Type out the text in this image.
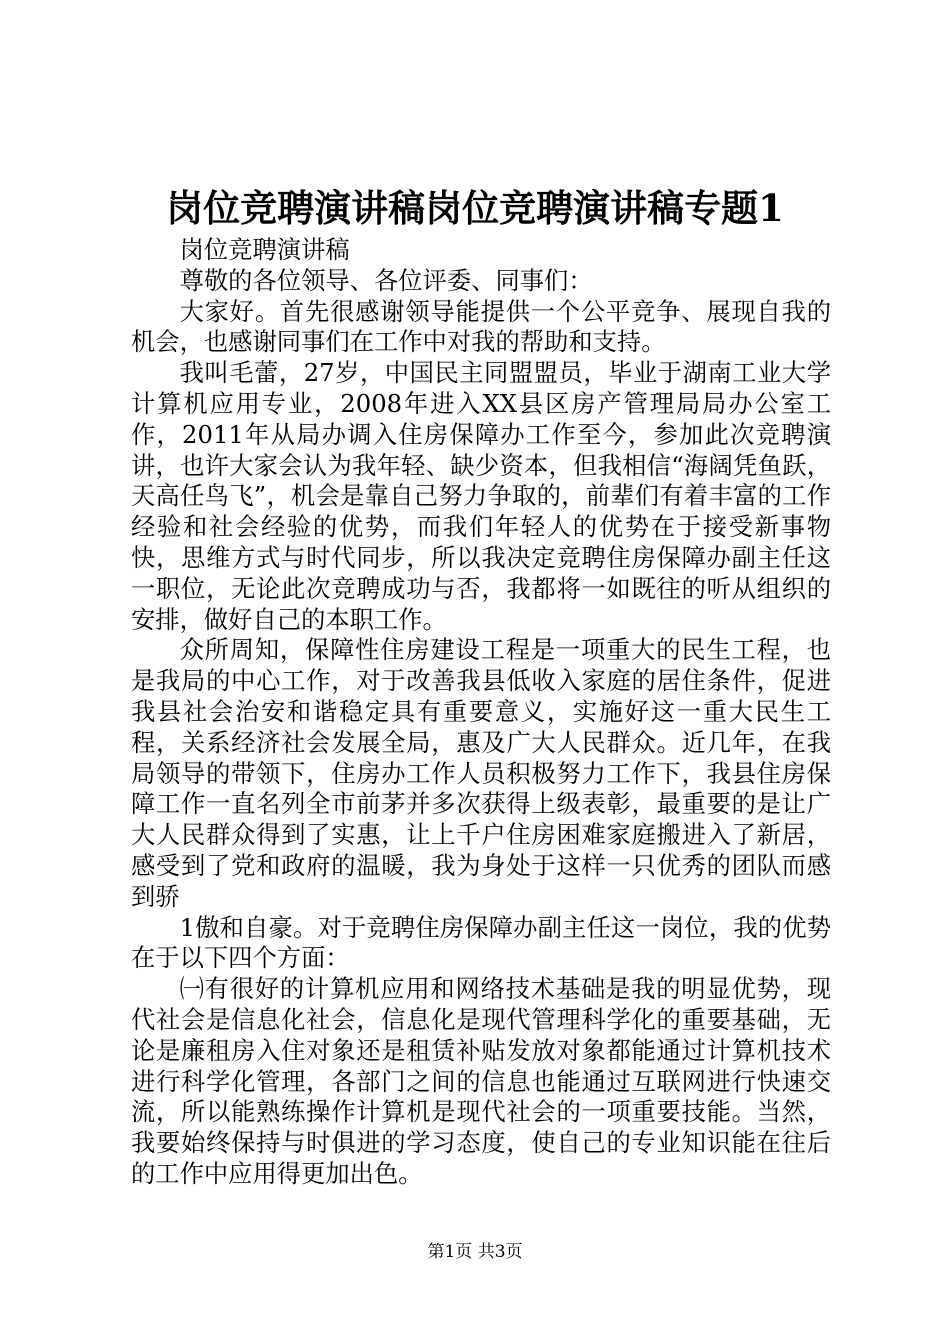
岗位竞聘演讲稿岗位竞聘演讲稿专题1

岗位竞聘演讲稿

尊敬的各位领导、各位评委、同事们：

大家好。首先很感谢领导能提供一个公平竞争、展现自我的机会，也感谢同事们在工作中对我的帮助和支持。

我叫毛蕾，27岁，中国民主同盟盟员，毕业于湖南工业大学计算机应用专业，2008年进入XX县区房产管理局局办公室工作，2011年从局办调入住房保障办工作至今，参加此次竞聘演讲，也许大家会认为我年轻、缺少资本，但我相信“海阔凭鱼跃，天高任鸟飞”，机会是靠自己努力争取的，前辈们有着丰富的工作经验和社会经验的优势，而我们年轻人的优势在于接受新事物快，思维方式与时代同步，所以我决定竞聘住房保障办副主任这一职位，无论此次竞聘成功与否，我都将一如既往的听从组织的安排，做好自己的本职工作。

众所周知，保障性住房建设工程是一项重大的民生工程，也是我局的中心工作，对于改善我县低收入家庭的居住条件，促进我县社会治安和谐稳定具有重要意义，实施好这一重大民生工程，关系经济社会发展全局，惠及广大人民群众。近几年，在我局领导的带领下，住房办工作人员积极努力工作下，我县住房保障工作一直名列全市前茅并多次获得上级表彰，最重要的是让广大人民群众得到了实惠，让上千户住房困难家庭搬进入了新居，感受到了党和政府的温暖，我为身处于这样一只优秀的团队而感到骄

1傲和自豪。对于竞聘住房保障办副主任这一岗位，我的优势在于以下四个方面：

㈠有很好的计算机应用和网络技术基础是我的明显优势，现代社会是信息化社会，信息化是现代管理科学化的重要基础，无论是廉租房入住对象还是租赁补贴发放对象都能通过计算机技术进行科学化管理，各部门之间的信息也能通过互联网进行快速交流，所以能熟练操作计算机是现代社会的一项重要技能。当然，我要始终保持与时俱进的学习态度，使自己的专业知识能在往后的工作中应用得更加出色。

第1页 共3页
